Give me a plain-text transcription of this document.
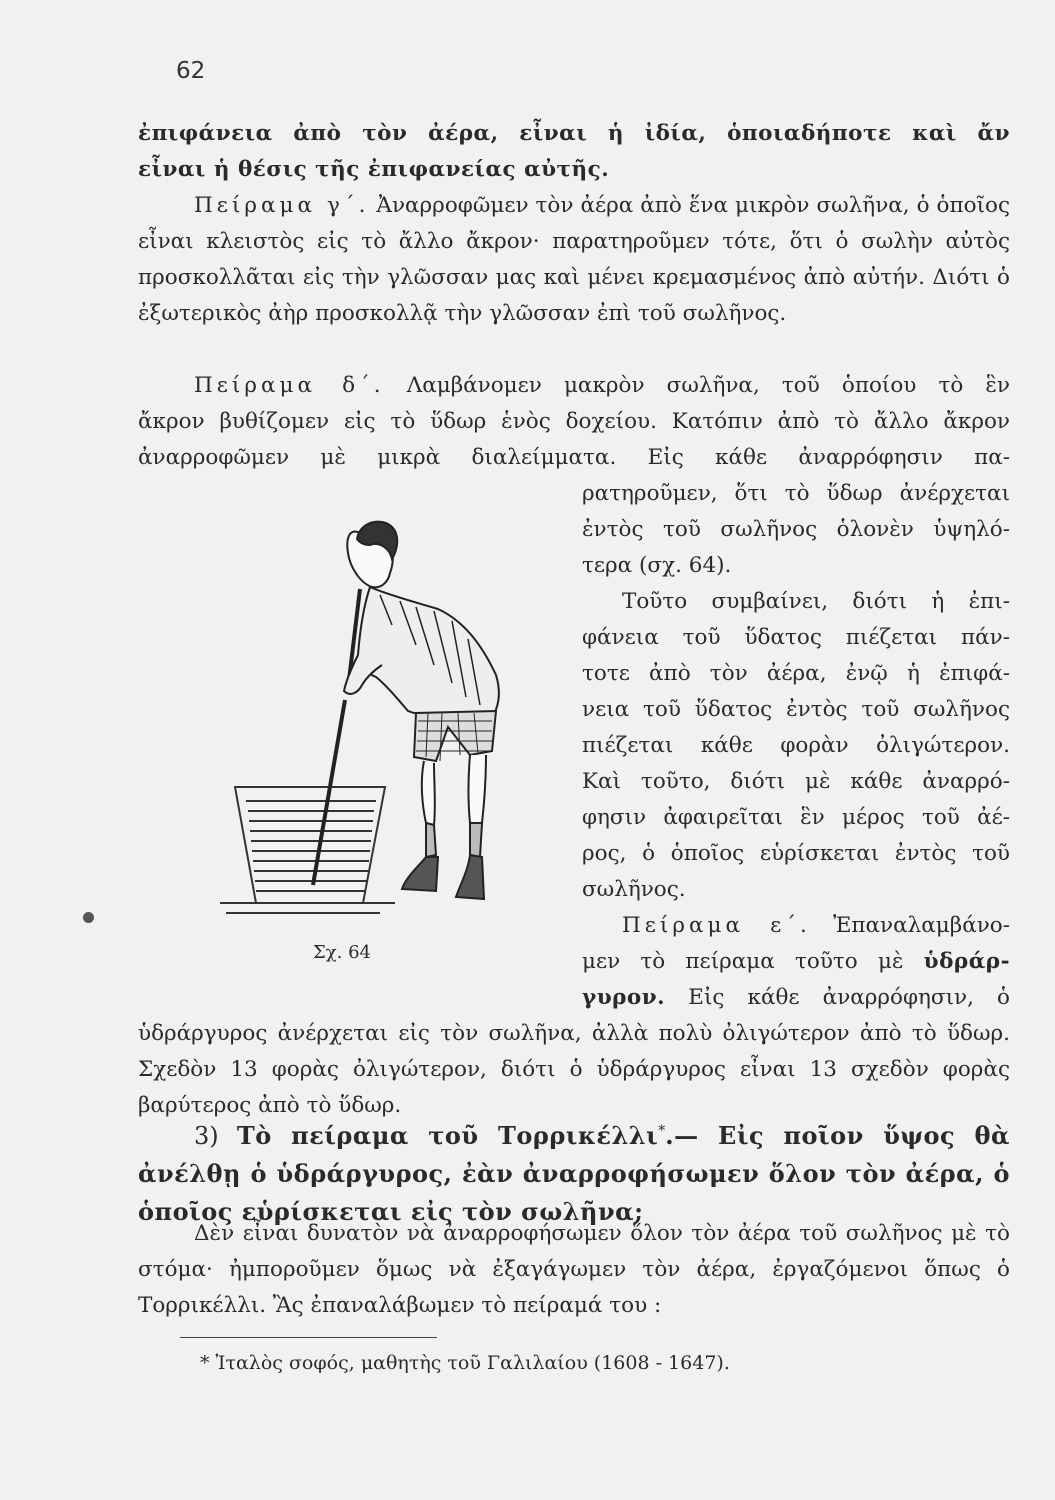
62

ἐπιφάνεια ἀπὸ τὸν ἀέρα, εἶναι ἡ ἰδία, ὁποιαδήποτε καὶ ἄν

εἶναι ἡ θέσις τῆς ἐπιφανείας αὐτῆς.

Πείραμα γ΄. Ἀναρροφῶμεν τὸν ἀέρα ἀπὸ ἕνα μικρὸν σωλῆνα, ὁ ὁποῖος εἶναι κλειστὸς εἰς τὸ ἄλλο ἄκρον· παρατηροῦμεν τότε, ὅτι ὁ σωλὴν αὐτὸς προσκολλᾶται εἰς τὴν γλῶσσαν μας καὶ μένει κρεμασμένος ἀπὸ αὐτήν. Διότι ὁ ἐξωτερικὸς ἀὴρ προσκολλᾷ τὴν γλῶσσαν ἐπὶ τοῦ σωλῆνος.

Πείραμα δ΄. Λαμβάνομεν μακρὸν σωλῆνα, τοῦ ὁποίου τὸ ἓν

ἄκρον βυθίζομεν εἰς τὸ ὕδωρ ἑνὸς δοχείου. Κατόπιν ἀπὸ τὸ ἄλλο ἄκρον

ἀναρροφῶμεν μὲ μικρὰ διαλείμματα. Εἰς κάθε ἀναρρόφησιν πα-

ρατηροῦμεν, ὅτι τὸ ὕδωρ ἀνέρχεται

ἐντὸς τοῦ σωλῆνος ὁλονὲν ὑψηλό-

τερα (σχ. 64).

Τοῦτο συμβαίνει, διότι ἡ ἐπι-

φάνεια τοῦ ὕδατος πιέζεται πάν-

τοτε ἀπὸ τὸν ἀέρα, ἐνῷ ἡ ἐπιφά-

νεια τοῦ ὕδατος ἐντὸς τοῦ σωλῆνος

πιέζεται κάθε φορὰν ὀλιγώτερον.

Καὶ τοῦτο, διότι μὲ κάθε ἀναρρό-

φησιν ἀφαιρεῖται ἓν μέρος τοῦ ἀέ-

ρος, ὁ ὁποῖος εὑρίσκεται ἐντὸς τοῦ

σωλῆνος.

Πείραμα ε΄. Ἐπαναλαμβάνο-

μεν τὸ πείραμα τοῦτο μὲ ὑδράρ-

γυρον. Εἰς κάθε ἀναρρόφησιν, ὁ

ὑδράργυρος ἀνέρχεται εἰς τὸν σωλῆνα, ἀλλὰ πολὺ ὀλιγώτερον ἀπὸ τὸ ὕδωρ. Σχεδὸν 13 φορὰς ὀλιγώτερον, διότι ὁ ὑδράργυρος εἶναι 13 σχεδὸν φορὰς βαρύτερος ἀπὸ τὸ ὕδωρ.

Σχ. 64

3) Τὸ πείραμα τοῦ Τορρικέλλι*.— Εἰς ποῖον ὕψος θὰ ἀνέλθῃ ὁ ὑδράργυρος, ἐὰν ἀναρροφήσωμεν ὅλον τὸν ἀέρα, ὁ ὁποῖος εὑρίσκεται εἰς τὸν σωλῆνα;

Δὲν εἶναι δυνατὸν νὰ ἀναρροφήσωμεν ὅλον τὸν ἀέρα τοῦ σωλῆνος μὲ τὸ στόμα· ἠμποροῦμεν ὅμως νὰ ἐξαγάγωμεν τὸν ἀέρα, ἐργαζόμενοι ὅπως ὁ Τορρικέλλι. Ἂς ἐπαναλάβωμεν τὸ πείραμά του :

* Ἰταλὸς σοφός, μαθητὴς τοῦ Γαλιλαίου (1608 - 1647).
